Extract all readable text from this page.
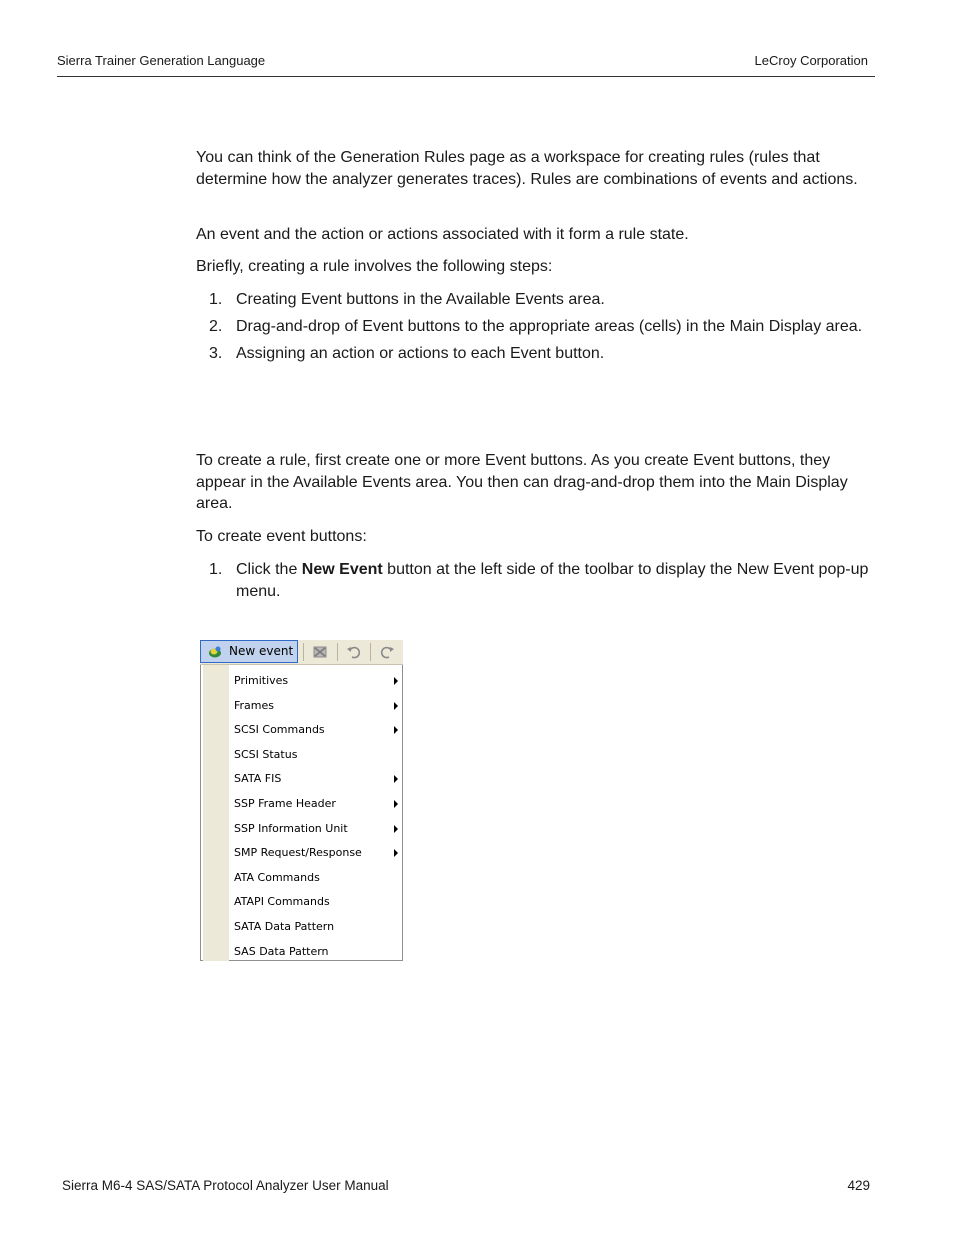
Sierra Trainer Generation Language	LeCroy Corporation
You can think of the Generation Rules page as a workspace for creating rules (rules that determine how the analyzer generates traces). Rules are combinations of events and actions.
An event and the action or actions associated with it form a rule state.
Briefly, creating a rule involves the following steps:
1. Creating Event buttons in the Available Events area.
2. Drag-and-drop of Event buttons to the appropriate areas (cells) in the Main Display area.
3. Assigning an action or actions to each Event button.
To create a rule, first create one or more Event buttons. As you create Event buttons, they appear in the Available Events area. You then can drag-and-drop them into the Main Display area.
To create event buttons:
1. Click the New Event button at the left side of the toolbar to display the New Event pop-up menu.
New event
Primitives
Frames
SCSI Commands
SCSI Status
SATA FIS
SSP Frame Header
SSP Information Unit
SMP Request/Response
ATA Commands
ATAPI Commands
SATA Data Pattern
SAS Data Pattern
Sierra M6-4 SAS/SATA Protocol Analyzer User Manual	429
